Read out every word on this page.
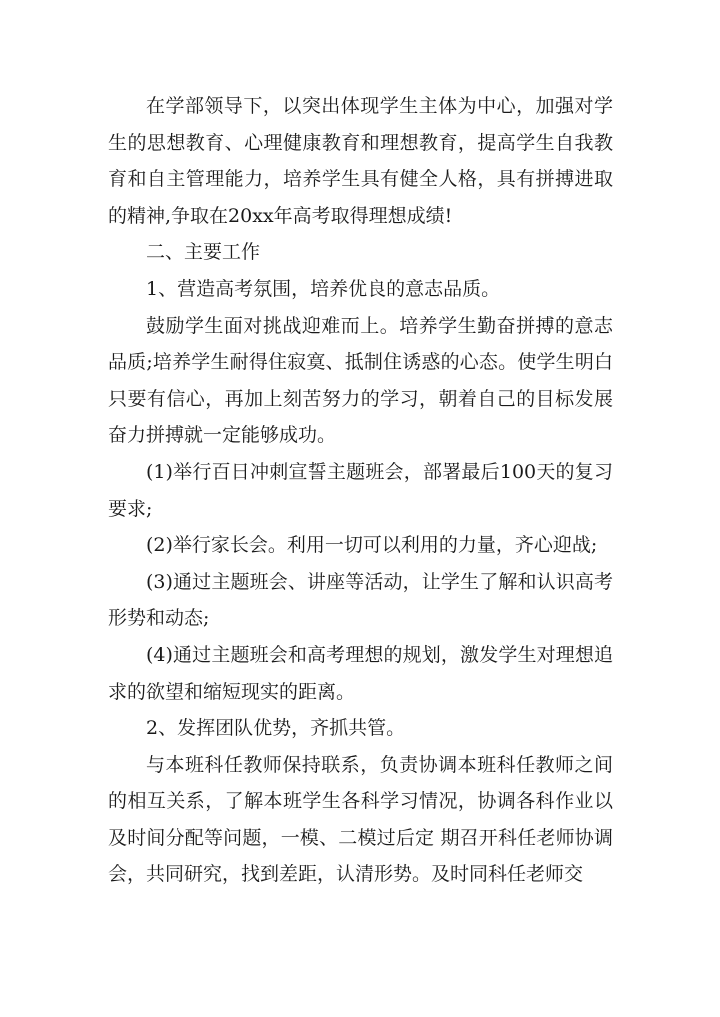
在学部领导下，以突出体现学生主体为中心，加强对学生的思想教育、心理健康教育和理想教育，提高学生自我教育和自主管理能力，培养学生具有健全人格，具有拼搏进取的精神,争取在20xx年高考取得理想成绩!

二、主要工作

1、营造高考氛围，培养优良的意志品质。

鼓励学生面对挑战迎难而上。培养学生勤奋拼搏的意志品质;培养学生耐得住寂寞、抵制住诱惑的心态。使学生明白只要有信心，再加上刻苦努力的学习，朝着自己的目标发展奋力拼搏就一定能够成功。

(1)举行百日冲刺宣誓主题班会，部署最后100天的复习要求;

(2)举行家长会。利用一切可以利用的力量，齐心迎战;

(3)通过主题班会、讲座等活动，让学生了解和认识高考形势和动态;

(4)通过主题班会和高考理想的规划，激发学生对理想追求的欲望和缩短现实的距离。

2、发挥团队优势，齐抓共管。

与本班科任教师保持联系，负责协调本班科任教师之间的相互关系，了解本班学生各科学习情况，协调各科作业以及时间分配等问题，一模、二模过后定 期召开科任老师协调会，共同研究，找到差距，认清形势。及时同科任老师交
